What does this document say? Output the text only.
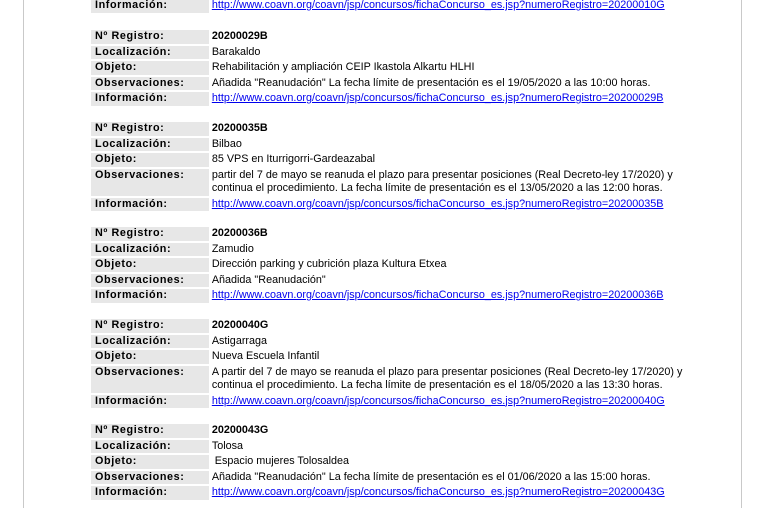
Información:	http://www.coavn.org/coavn/jsp/concursos/fichaConcurso_es.jsp?numeroRegistro=20200010G
Nº Registro:	20200029B
Localización:	Barakaldo
Objeto:	Rehabilitación y ampliación CEIP Ikastola Alkartu HLHI
Observaciones:	Añadida "Reanudación" La fecha límite de presentación es el 19/05/2020 a las 10:00 horas.
Información:	http://www.coavn.org/coavn/jsp/concursos/fichaConcurso_es.jsp?numeroRegistro=20200029B
Nº Registro:	20200035B
Localización:	Bilbao
Objeto:	85 VPS en Iturrigorri-Gardeazabal
Observaciones:	partir del 7 de mayo se reanuda el plazo para presentar posiciones (Real Decreto-ley 17/2020) y continua el procedimiento. La fecha límite de presentación es el 13/05/2020 a las 12:00 horas.
Información:	http://www.coavn.org/coavn/jsp/concursos/fichaConcurso_es.jsp?numeroRegistro=20200035B
Nº Registro:	20200036B
Localización:	Zamudio
Objeto:	Dirección parking y cubrición plaza Kultura Etxea
Observaciones:	Añadida "Reanudación"
Información:	http://www.coavn.org/coavn/jsp/concursos/fichaConcurso_es.jsp?numeroRegistro=20200036B
Nº Registro:	20200040G
Localización:	Astigarraga
Objeto:	Nueva Escuela Infantil
Observaciones:	A partir del 7 de mayo se reanuda el plazo para presentar posiciones (Real Decreto-ley 17/2020) y continua el procedimiento. La fecha límite de presentación es el 18/05/2020 a las 13:30 horas.
Información:	http://www.coavn.org/coavn/jsp/concursos/fichaConcurso_es.jsp?numeroRegistro=20200040G
Nº Registro:	20200043G
Localización:	Tolosa
Objeto:	Espacio mujeres Tolosaldea
Observaciones:	Añadida "Reanudación" La fecha límite de presentación es el 01/06/2020 a las 15:00 horas.
Información:	http://www.coavn.org/coavn/jsp/concursos/fichaConcurso_es.jsp?numeroRegistro=20200043G
